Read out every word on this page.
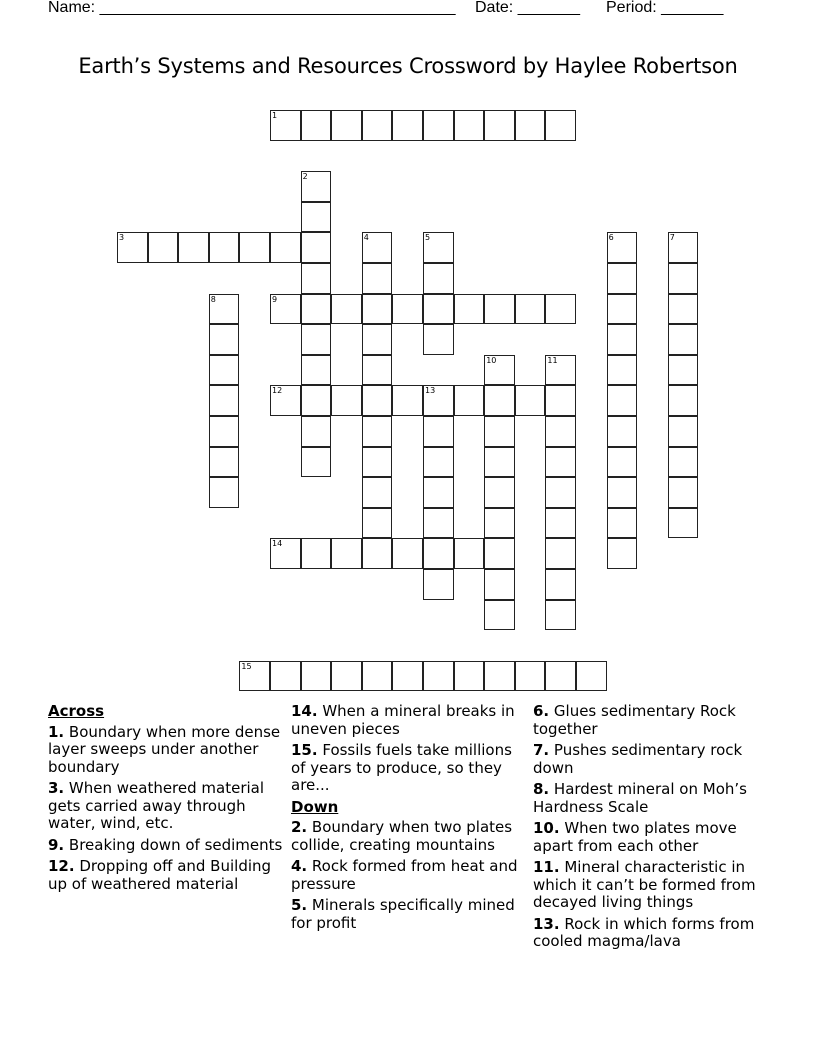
Name: ________________________________________ Date: _______ Period: _______
Earth’s Systems and Resources Crossword by Haylee Robertson
1
2
3	4	5	6	7
8	9
10	11
12	13
14
15
Across
1. Boundary when more dense layer sweeps under another boundary
3. When weathered material gets carried away through water, wind, etc.
9. Breaking down of sediments
12. Dropping off and Building up of weathered material
14. When a mineral breaks in uneven pieces
15. Fossils fuels take millions of years to produce, so they are...
Down
2. Boundary when two plates collide, creating mountains
4. Rock formed from heat and pressure
5. Minerals specifically mined for profit
6. Glues sedimentary Rock together
7. Pushes sedimentary rock down
8. Hardest mineral on Moh’s Hardness Scale
10. When two plates move apart from each other
11. Mineral characteristic in which it can’t be formed from decayed living things
13. Rock in which forms from cooled magma/lava
